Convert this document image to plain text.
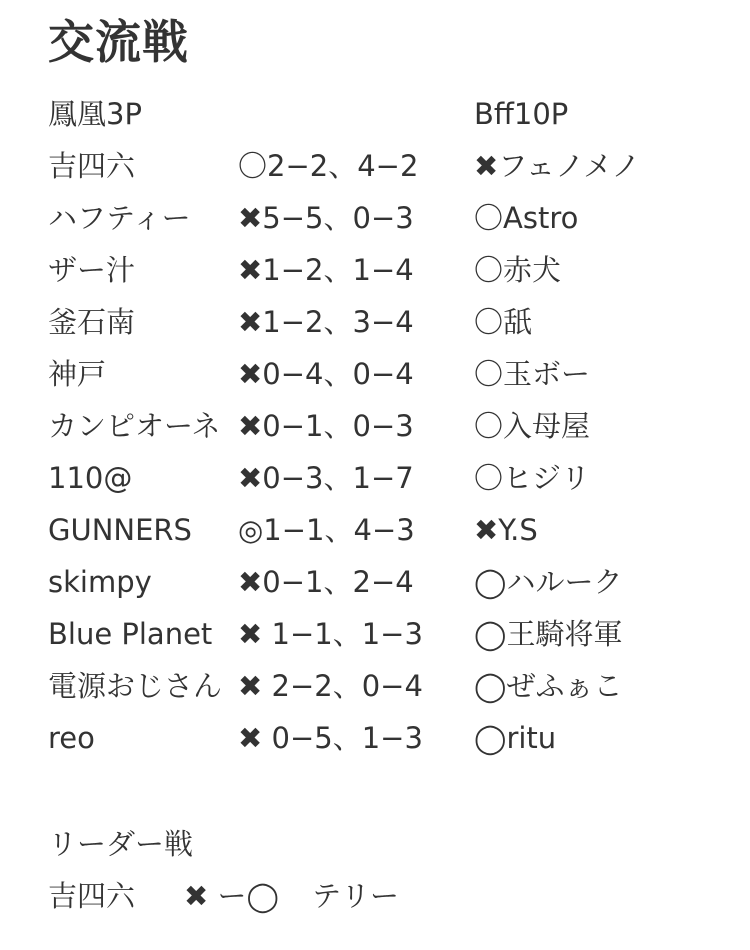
交流戦
鳳凰3P	Bff10P
吉四六	〇2−2、4−2 ✖フェノメノ
ハフティー ✖5−5、0−3 〇Astro
ザー汁	✖1−2、1−4 〇赤犬
釜石南	✖1−2、3−4 〇舐
神戸	✖0−4、0−4 〇玉ボー
カンピオーネ ✖0−1、0−3 〇入母屋
110@	✖0−3、1−7 〇ヒジリ
GUNNERS ◎1−1、4−3 ✖Y.S
skimpy	✖0−1、2−4 ◯ハルーク
Blue Planet ✖ 1−1、1−3 ◯王騎将軍
電源おじさん ✖ 2−2、0−4 ◯ぜふぁこ
reo	✖ 0−5、1−3 ◯ritu
リーダー戦
吉四六 ✖ ー◯ テリー
